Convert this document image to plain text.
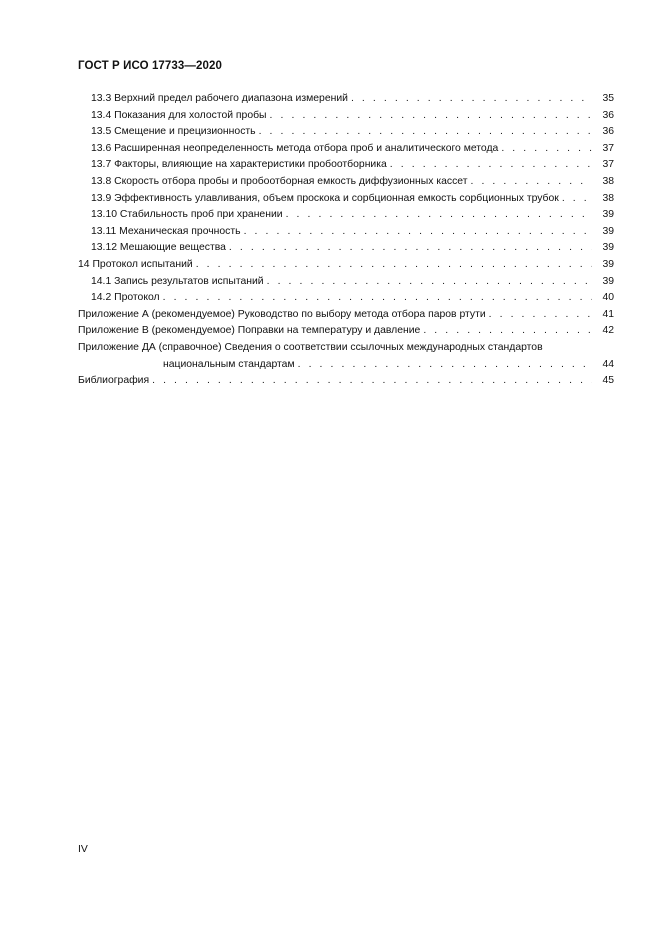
ГОСТ Р ИСО 17733—2020
13.3 Верхний предел рабочего диапазона измерений . . .	35
13.4 Показания для холостой пробы . . .	36
13.5 Смещение и прецизионность . . .	36
13.6 Расширенная неопределенность метода отбора проб и аналитического метода . . .	37
13.7 Факторы, влияющие на характеристики пробоотборника . . .	37
13.8 Скорость отбора пробы и пробоотборная емкость диффузионных кассет . . .	38
13.9 Эффективность улавливания, объем проскока и сорбционная емкость сорбционных трубок . . .	38
13.10 Стабильность проб при хранении . . .	39
13.11 Механическая прочность . . .	39
13.12 Мешающие вещества . . .	39
14 Протокол испытаний . . .	39
14.1 Запись результатов испытаний . . .	39
14.2 Протокол . . .	40
Приложение А (рекомендуемое) Руководство по выбору метода отбора паров ртути . . .	41
Приложение В (рекомендуемое) Поправки на температуру и давление . . .	42
Приложение ДА (справочное) Сведения о соответствии ссылочных международных стандартов
национальным стандартам . . .	44
Библиография . . .	45
IV
